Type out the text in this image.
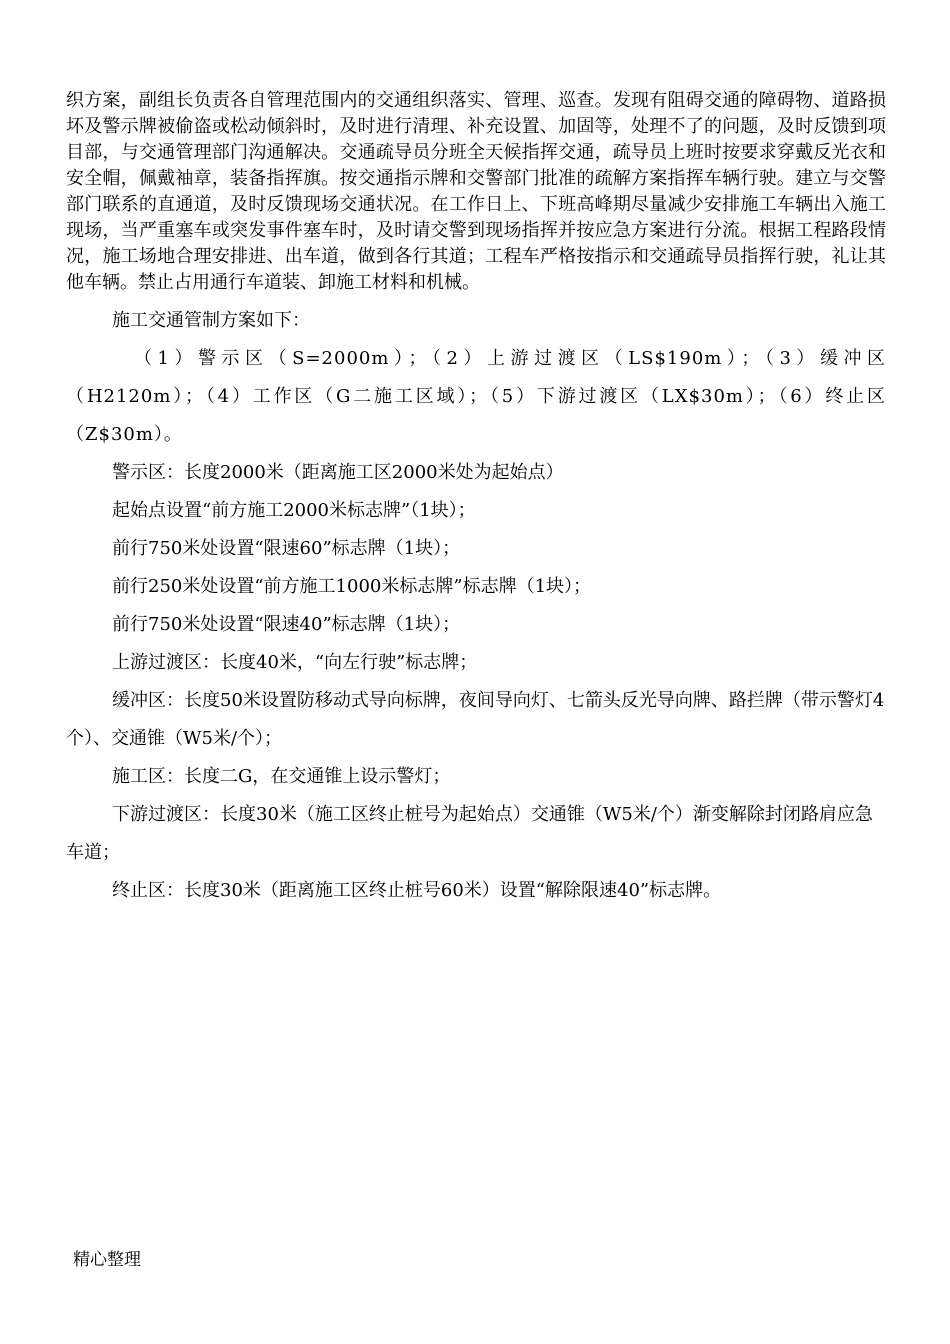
织方案，副组长负责各自管理范围内的交通组织落实、管理、巡查。发现有阻碍交通的障碍物、道路损坏及警示牌被偷盗或松动倾斜时，及时进行清理、补充设置、加固等，处理不了的问题，及时反馈到项目部，与交通管理部门沟通解决。交通疏导员分班全天候指挥交通，疏导员上班时按要求穿戴反光衣和安全帽，佩戴袖章，装备指挥旗。按交通指示牌和交警部门批准的疏解方案指挥车辆行驶。建立与交警部门联系的直通道，及时反馈现场交通状况。在工作日上、下班高峰期尽量减少安排施工车辆出入施工现场，当严重塞车或突发事件塞车时，及时请交警到现场指挥并按应急方案进行分流。根据工程路段情况，施工场地合理安排进、出车道，做到各行其道；工程车严格按指示和交通疏导员指挥行驶，礼让其他车辆。禁止占用通行车道装、卸施工材料和机械。

施工交通管制方案如下：

（1）警示区（S=2000m）；（2）上游过渡区（LS$190m）；（3）缓冲区（H2120m）；（4）工作区（G二施工区域）；（5）下游过渡区（LX$30m）；（6）终止区（Z$30m）。

警示区：长度2000米（距离施工区2000米处为起始点）

起始点设置“前方施工2000米标志牌”（1块）；

前行750米处设置“限速60”标志牌（1块）；

前行250米处设置“前方施工1000米标志牌”标志牌（1块）；

前行750米处设置“限速40”标志牌（1块）；

上游过渡区：长度40米，“向左行驶”标志牌；

缓冲区：长度50米设置防移动式导向标牌，夜间导向灯、七箭头反光导向牌、路拦牌（带示警灯4个）、交通锥（W5米/个）；

施工区：长度二G，在交通锥上设示警灯；

下游过渡区：长度30米（施工区终止桩号为起始点）交通锥（W5米/个）渐变解除封闭路肩应急车道；

终止区：长度30米（距离施工区终止桩号60米）设置“解除限速40”标志牌。

精心整理
